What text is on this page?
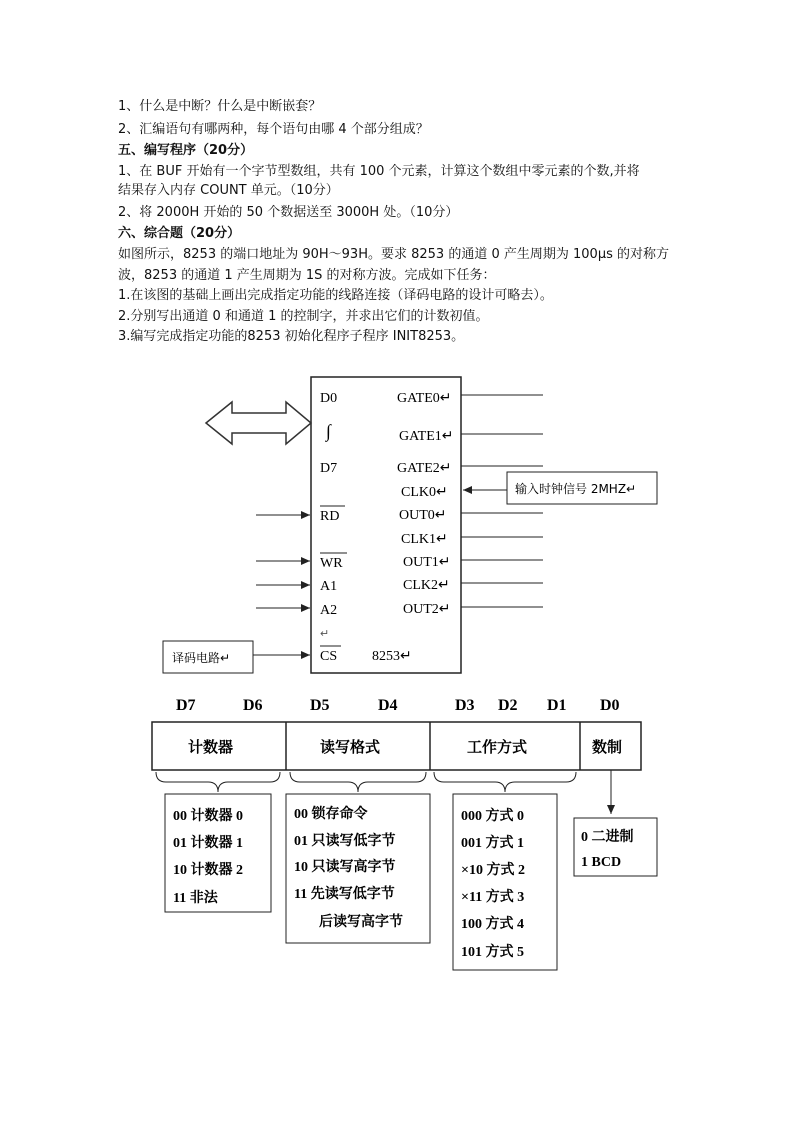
1、什么是中断？什么是中断嵌套？
2、汇编语句有哪两种，每个语句由哪 4 个部分组成？
五、编写程序（20分）
1、在 BUF 开始有一个字节型数组，共有 100 个元素，计算这个数组中零元素的个数,并将
结果存入内存 COUNT 单元。（10分）
2、将 2000H 开始的 50 个数据送至 3000H 处。（10分）
六、综合题（20分）
如图所示，8253 的端口地址为 90H～93H。要求 8253 的通道 0 产生周期为 100μs 的对称方
波，8253 的通道 1 产生周期为 1S 的对称方波。完成如下任务：
1.在该图的基础上画出完成指定功能的线路连接（译码电路的设计可略去）。
2.分别写出通道 0 和通道 1 的控制字，并求出它们的计数初值。
3.编写完成指定功能的8253 初始化程序子程序 INIT8253。
D0
∫
D7
RD
WR
A1
A2
↵
CS 8253↵
GATE0↵
GATE1↵
GATE2↵
CLK0↵
OUT0↵
CLK1↵
OUT1↵
CLK2↵
OUT2↵
输入时钟信号 2MHZ↵
译码电路↵
D7	D6	D5	D4	D3 D2 D1 D0
计数器	读写格式	工作方式	数制
00 计数器 0
01 计数器 1
10 计数器 2
11 非法
00 锁存命令
01 只读写低字节
10 只读写高字节
11 先读写低字节
后读写高字节
000 方式 0
001 方式 1
×10 方式 2
×11 方式 3
100 方式 4
101 方式 5
0 二进制
1 BCD
